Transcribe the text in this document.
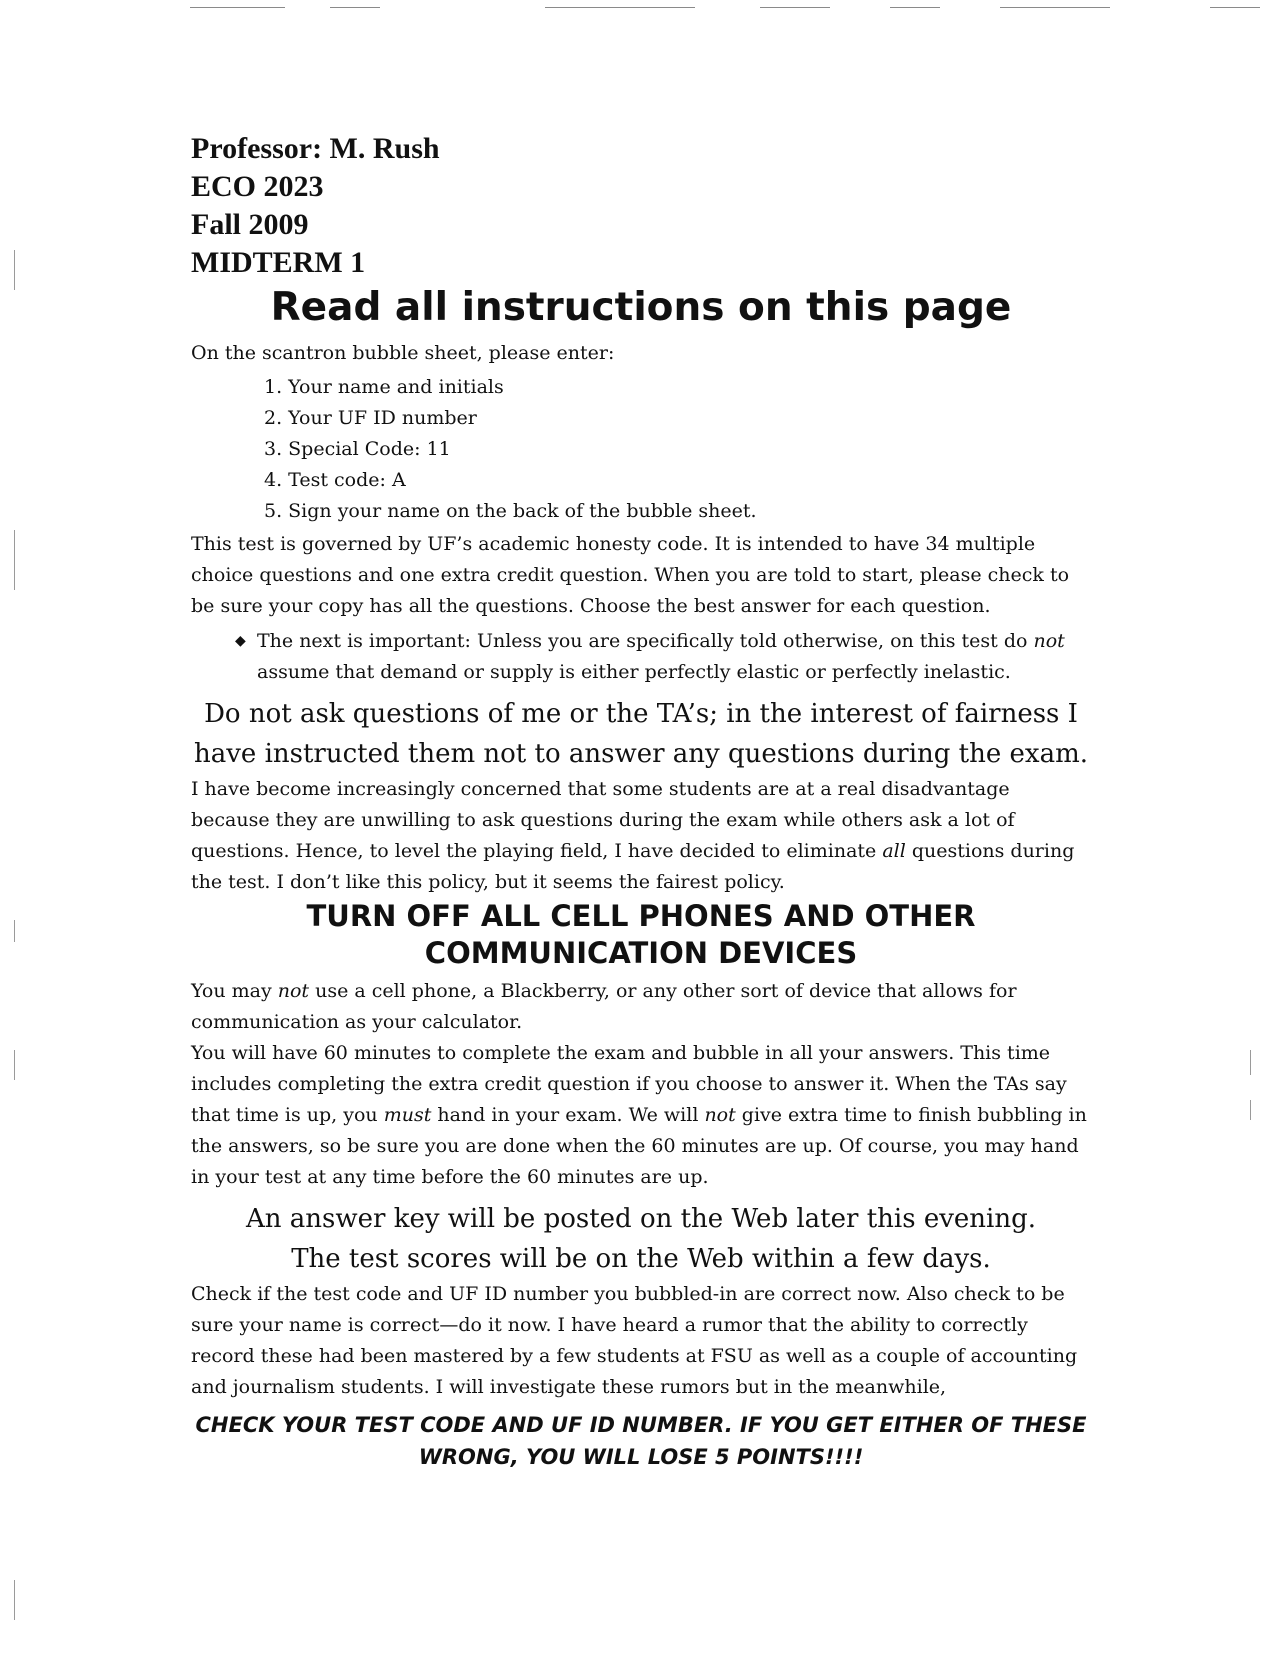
Professor: M. Rush

ECO 2023

Fall 2009

MIDTERM 1

Read all instructions on this page

On the scantron bubble sheet, please enter:

1. Your name and initials
2. Your UF ID number
3. Special Code: 11
4. Test code: A
5. Sign your name on the back of the bubble sheet.

This test is governed by UF’s academic honesty code. It is intended to have 34 multiple choice questions and one extra credit question. When you are told to start, please check to be sure your copy has all the questions. Choose the best answer for each question.

◆ The next is important: Unless you are specifically told otherwise, on this test do not assume that demand or supply is either perfectly elastic or perfectly inelastic.

Do not ask questions of me or the TA’s; in the interest of fairness I have instructed them not to answer any questions during the exam.

I have become increasingly concerned that some students are at a real disadvantage because they are unwilling to ask questions during the exam while others ask a lot of questions. Hence, to level the playing field, I have decided to eliminate all questions during the test. I don’t like this policy, but it seems the fairest policy.

TURN OFF ALL CELL PHONES AND OTHER COMMUNICATION DEVICES

You may not use a cell phone, a Blackberry, or any other sort of device that allows for communication as your calculator.

You will have 60 minutes to complete the exam and bubble in all your answers. This time includes completing the extra credit question if you choose to answer it. When the TAs say that time is up, you must hand in your exam. We will not give extra time to finish bubbling in the answers, so be sure you are done when the 60 minutes are up. Of course, you may hand in your test at any time before the 60 minutes are up.

An answer key will be posted on the Web later this evening.

The test scores will be on the Web within a few days.

Check if the test code and UF ID number you bubbled-in are correct now. Also check to be sure your name is correct—do it now. I have heard a rumor that the ability to correctly record these had been mastered by a few students at FSU as well as a couple of accounting and journalism students. I will investigate these rumors but in the meanwhile,

CHECK YOUR TEST CODE AND UF ID NUMBER. IF YOU GET EITHER OF THESE WRONG, YOU WILL LOSE 5 POINTS!!!!
